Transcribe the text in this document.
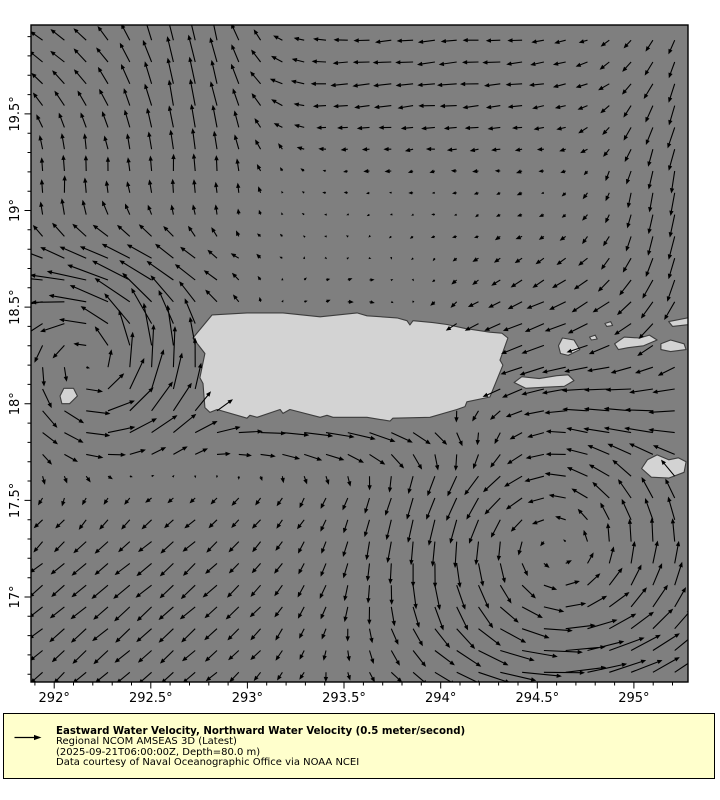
292°	292.5°	293°	293.5°	294°	294.5°	295°
17°
17.5°
18°
18.5°
19°
19.5°
Eastward Water Velocity, Northward Water Velocity (0.5 meter/second)
Regional NCOM AMSEAS 3D (Latest)
(2025-09-21T06:00:00Z, Depth=80.0 m)
Data courtesy of Naval Oceanographic Office via NOAA NCEI
